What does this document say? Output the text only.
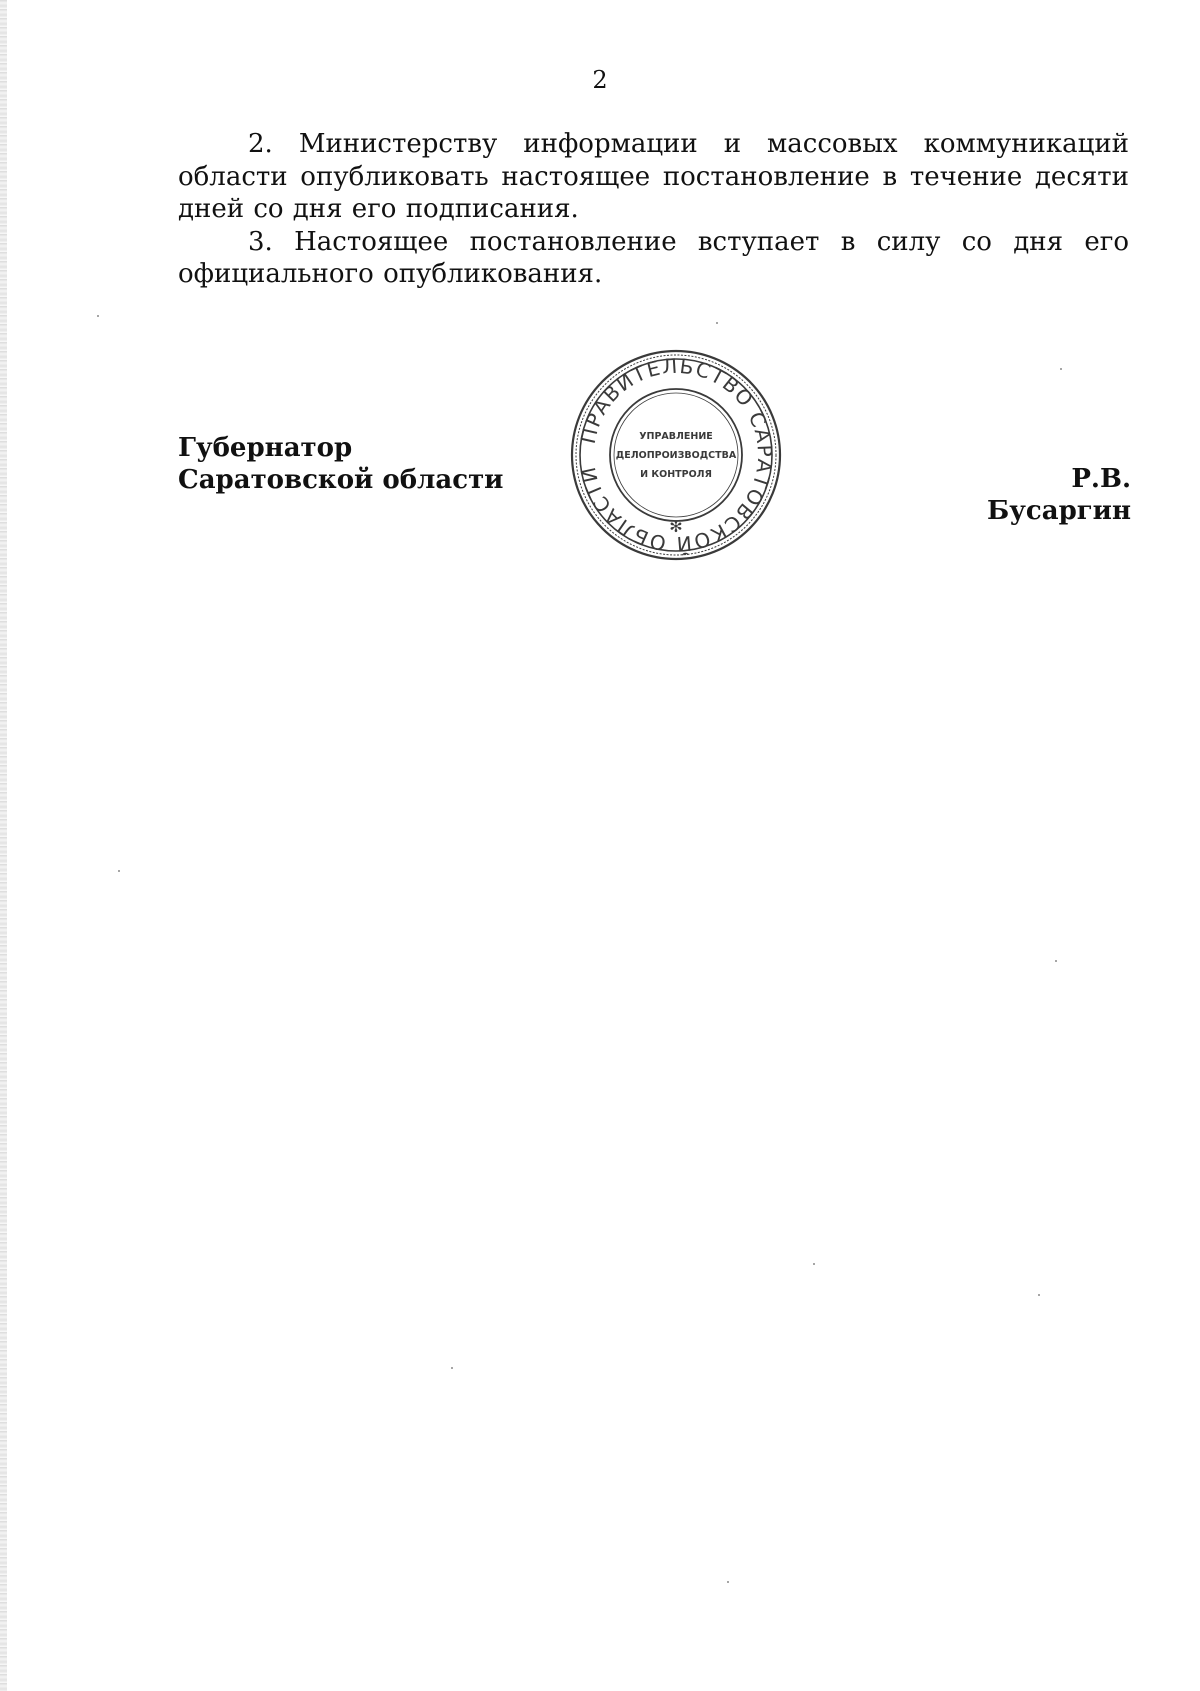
2

2. Министерству информации и массовых коммуникаций области опубликовать настоящее постановление в течение десяти дней со дня его подписания.

3. Настоящее постановление вступает в силу со дня его официального опубликования.

Губернатор
Саратовской области
ПРАВИТЕЛЬСТВО САРАТОВСКОЙ ОБЛАСТИ
✻
УПРАВЛЕНИЕ
ДЕЛОПРОИЗВОДСТВА
И КОНТРОЛЯ	Р.В. Бусаргин
